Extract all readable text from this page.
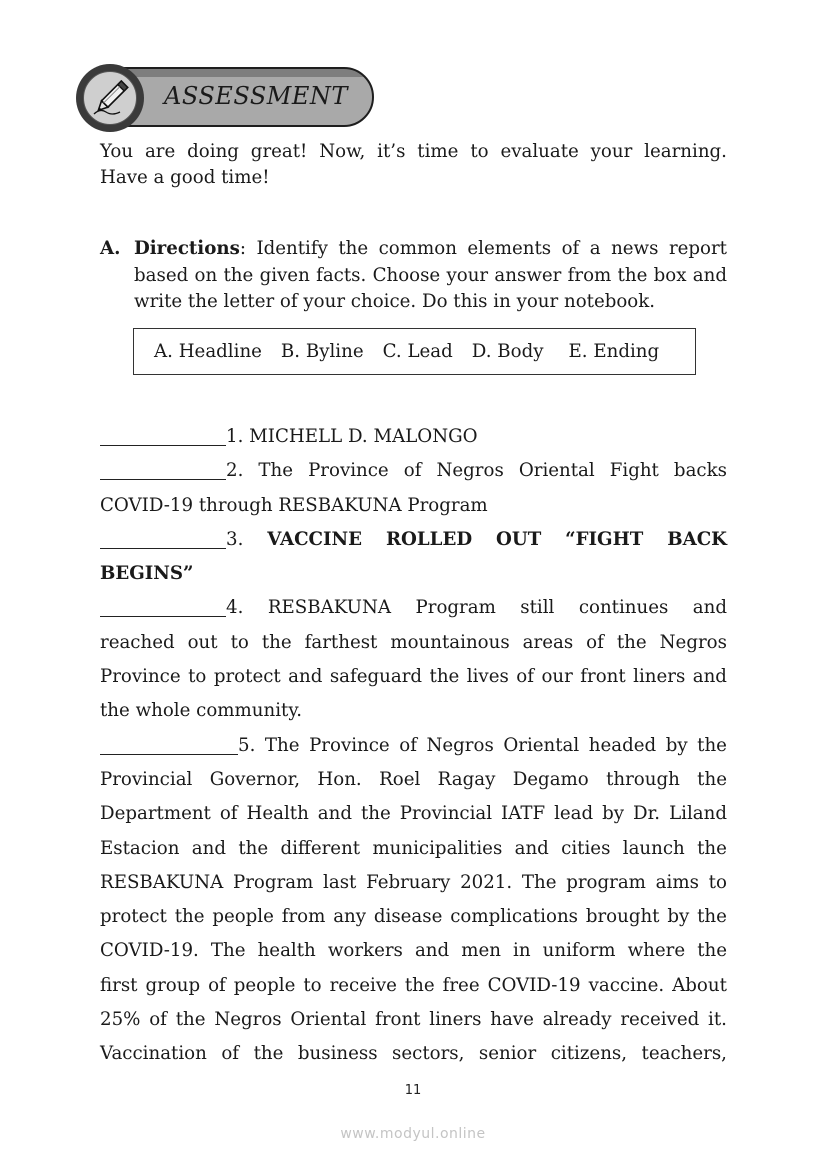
ASSESSMENT
You are doing great! Now, it’s time to evaluate your learning.
Have a good time!
A. Directions: Identify the common elements of a news report based on the given facts. Choose your answer from the box and write the letter of your choice. Do this in your notebook.
A. Headline B. Byline C. Lead D. Body E. Ending
1. MICHELL D. MALONGO
2. The Province of Negros Oriental Fight backs
COVID-19 through RESBAKUNA Program
3. VACCINE ROLLED OUT “FIGHT BACK
BEGINS”
4. RESBAKUNA Program still continues and
reached out to the farthest mountainous areas of the Negros
Province to protect and safeguard the lives of our front liners and
the whole community.
5. The Province of Negros Oriental headed by the
Provincial Governor, Hon. Roel Ragay Degamo through the
Department of Health and the Provincial IATF lead by Dr. Liland
Estacion and the different municipalities and cities launch the
RESBAKUNA Program last February 2021. The program aims to
protect the people from any disease complications brought by the
COVID-19. The health workers and men in uniform where the
first group of people to receive the free COVID-19 vaccine. About
25% of the Negros Oriental front liners have already received it.
Vaccination of the business sectors, senior citizens, teachers,
11
www.modyul.online
